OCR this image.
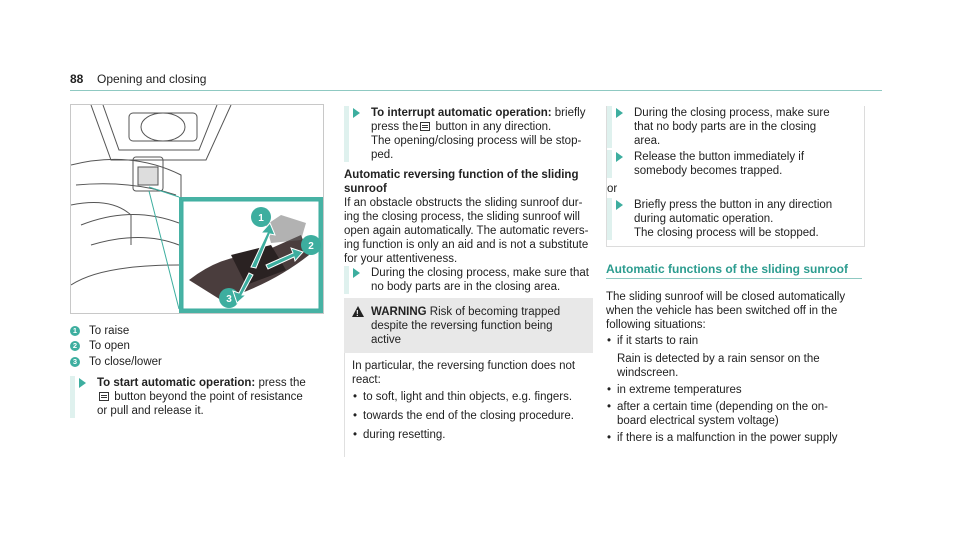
88 Opening and closing
1
2
3
1 To raise
2 To open
3 To close/lower
To start automatic operation: press the
button beyond the point of resistance
or pull and release it.
To interrupt automatic operation: briefly
press the button in any direction.
The opening/closing process will be stop-
ped.
Automatic reversing function of the sliding
sunroof
If an obstacle obstructs the sliding sunroof dur-
ing the closing process, the sliding sunroof will
open again automatically. The automatic revers-
ing function is only an aid and is not a substitute
for your attentiveness.
During the closing process, make sure that
no body parts are in the closing area.
!
WARNING Risk of becoming trapped
despite the reversing function being
active
In particular, the reversing function does not
react:
• to soft, light and thin objects, e.g. fingers.
• towards the end of the closing procedure.
• during resetting.
During the closing process, make sure
that no body parts are in the closing
area.
Release the button immediately if
somebody becomes trapped.
or
Briefly press the button in any direction
during automatic operation.
The closing process will be stopped.
Automatic functions of the sliding sunroof
The sliding sunroof will be closed automatically
when the vehicle has been switched off in the
following situations:
• if it starts to rain
Rain is detected by a rain sensor on the
windscreen.
• in extreme temperatures
• after a certain time (depending on the on-
board electrical system voltage)
• if there is a malfunction in the power supply
